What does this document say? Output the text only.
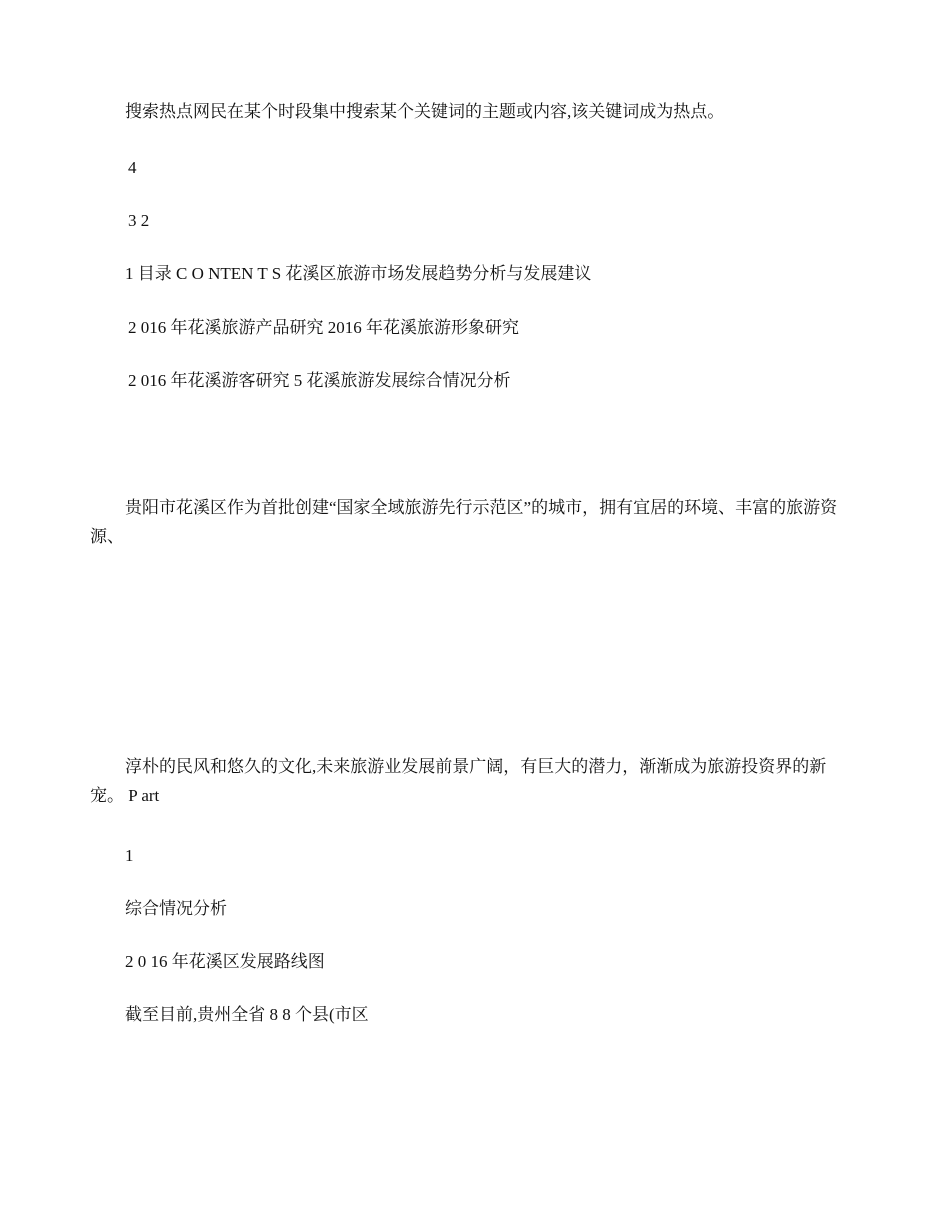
搜索热点网民在某个时段集中搜索某个关键词的主题或内容,该关键词成为热点。
4
3 2
1 目录 C O NTEN T S 花溪区旅游市场发展趋势分析与发展建议
2 016 年花溪旅游产品研究 2016 年花溪旅游形象研究
2 016 年花溪游客研究 5 花溪旅游发展综合情况分析
贵阳市花溪区作为首批创建“国家全域旅游先行示范区”的城市，拥有宜居的环境、丰富的旅游资源、
淳朴的民风和悠久的文化,未来旅游业发展前景广阔，有巨大的潜力，渐渐成为旅游投资界的新宠。 P art
1
综合情况分析
2 0 16 年花溪区发展路线图
截至目前,贵州全省 8 8 个县(市区
